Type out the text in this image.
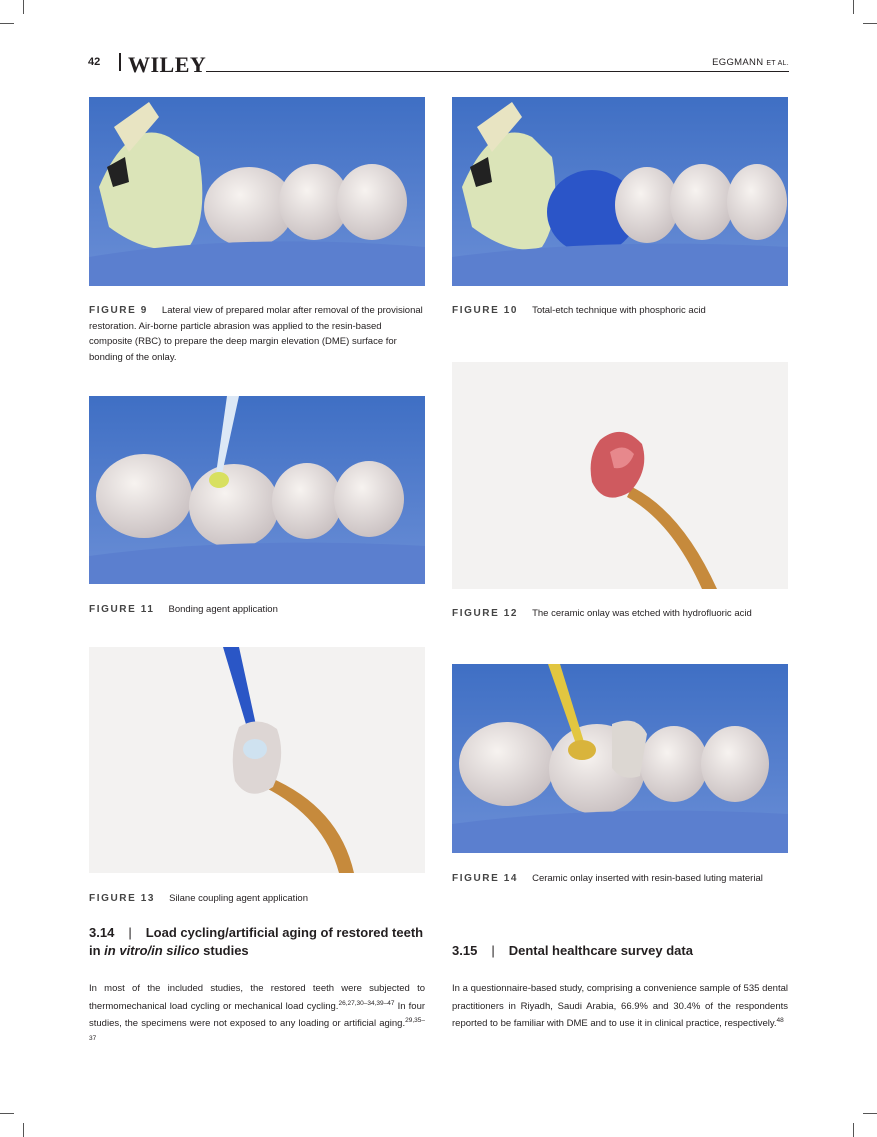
42 WILEY	EGGMANN ET AL.
FIGURE 9 Lateral view of prepared molar after removal of the provisional restoration. Air-borne particle abrasion was applied to the resin-based composite (RBC) to prepare the deep margin elevation (DME) surface for bonding of the onlay.
FIGURE 10 Total-etch technique with phosphoric acid
FIGURE 11 Bonding agent application	FIGURE 12 The ceramic onlay was etched with hydrofluoric acid
FIGURE 13 Silane coupling agent application
FIGURE 14 Ceramic onlay inserted with resin-based luting material
3.14 | Load cycling/artificial aging of restored teeth in in vitro/in silico studies
In most of the included studies, the restored teeth were subjected to thermomechanical load cycling or mechanical load cycling.$^{26,27,30-34,39-47}$ In four studies, the specimens were not exposed to any loading or artificial aging.$^{29,35-37}$
3.15 | Dental healthcare survey data
In a questionnaire-based study, comprising a convenience sample of 535 dental practitioners in Riyadh, Saudi Arabia, 66.9% and 30.4% of the respondents reported to be familiar with DME and to use it in clinical practice, respectively.$^{48}$
